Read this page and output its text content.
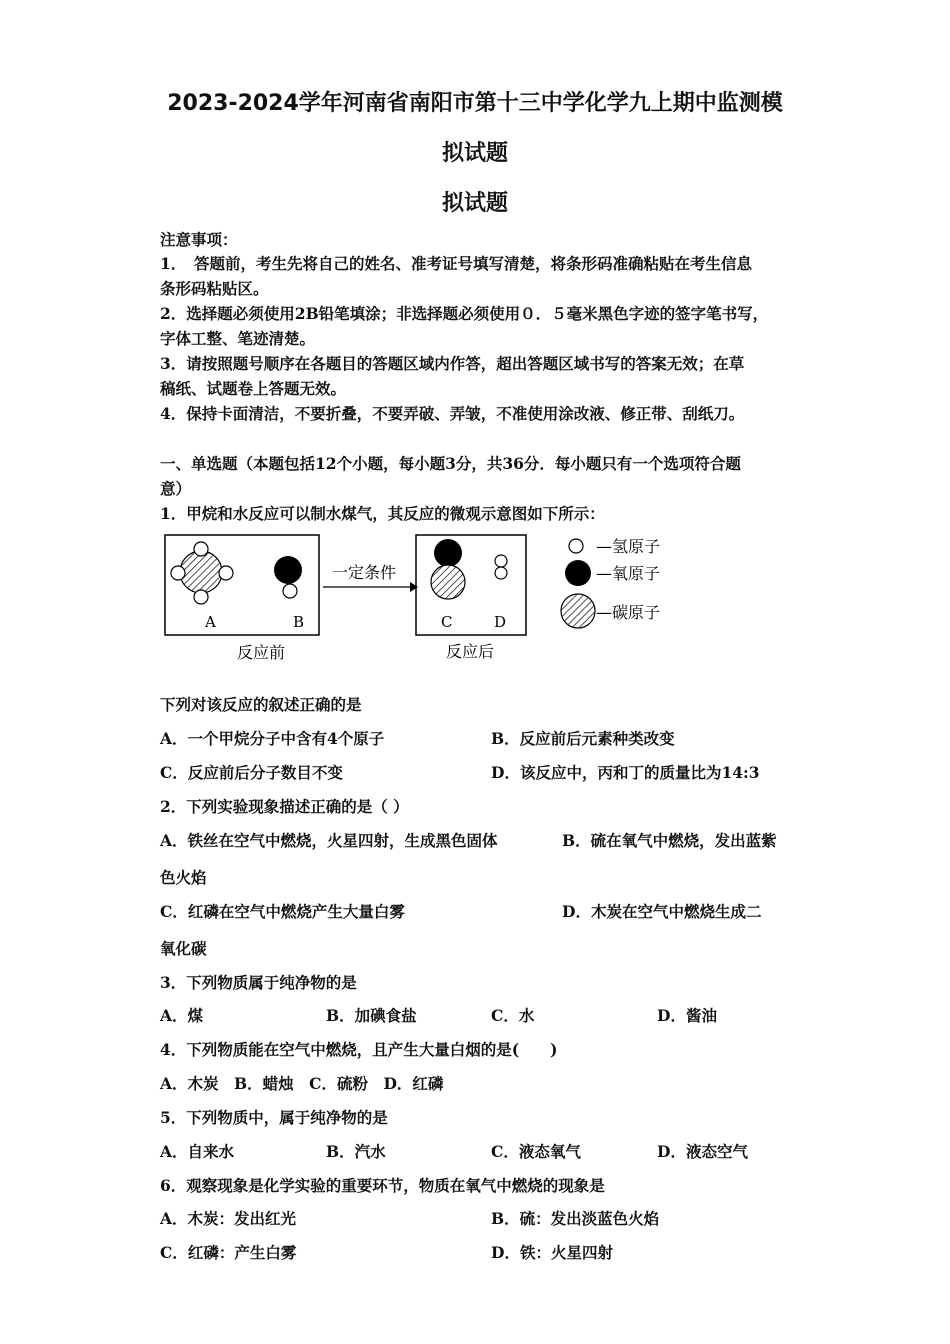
2023-2024学年河南省南阳市第十三中学化学九上期中监测模
拟试题
拟试题
注意事项：
1．　答题前，考生先将自己的姓名、准考证号填写清楚，将条形码准确粘贴在考生信息
条形码粘贴区。
2．选择题必须使用2B铅笔填涂；非选择题必须使用０．５毫米黑色字迹的签字笔书写，
字体工整、笔迹清楚。
3．请按照题号顺序在各题目的答题区域内作答，超出答题区域书写的答案无效；在草
稿纸、试题卷上答题无效。
4．保持卡面清洁，不要折叠，不要弄破、弄皱，不准使用涂改液、修正带、刮纸刀。
一、单选题（本题包括12个小题，每小题3分，共36分．每小题只有一个选项符合题
意）
1．甲烷和水反应可以制水煤气，其反应的微观示意图如下所示：
A	B
反应前
一定条件
C	D
反应后
—氢原子
—氧原子
—碳原子
下列对该反应的叙述正确的是
A．一个甲烷分子中含有4个原子	B．反应前后元素种类改变
C．反应前后分子数目不变	D．该反应中，丙和丁的质量比为14:3
2．下列实验现象描述正确的是（ ）
A．铁丝在空气中燃烧，火星四射，生成黑色固体	B．硫在氧气中燃烧，发出蓝紫
色火焰
C．红磷在空气中燃烧产生大量白雾	D．木炭在空气中燃烧生成二
氧化碳
3．下列物质属于纯净物的是
A．煤	B．加碘食盐	C．水	D．酱油
4．下列物质能在空气中燃烧，且产生大量白烟的是(　　)
A．木炭　B．蜡烛　C．硫粉　D．红磷
5．下列物质中，属于纯净物的是
A．自来水	B．汽水	C．液态氧气	D．液态空气
6．观察现象是化学实验的重要环节，物质在氧气中燃烧的现象是
A．木炭：发出红光	B．硫：发出淡蓝色火焰
C．红磷：产生白雾	D．铁：火星四射
